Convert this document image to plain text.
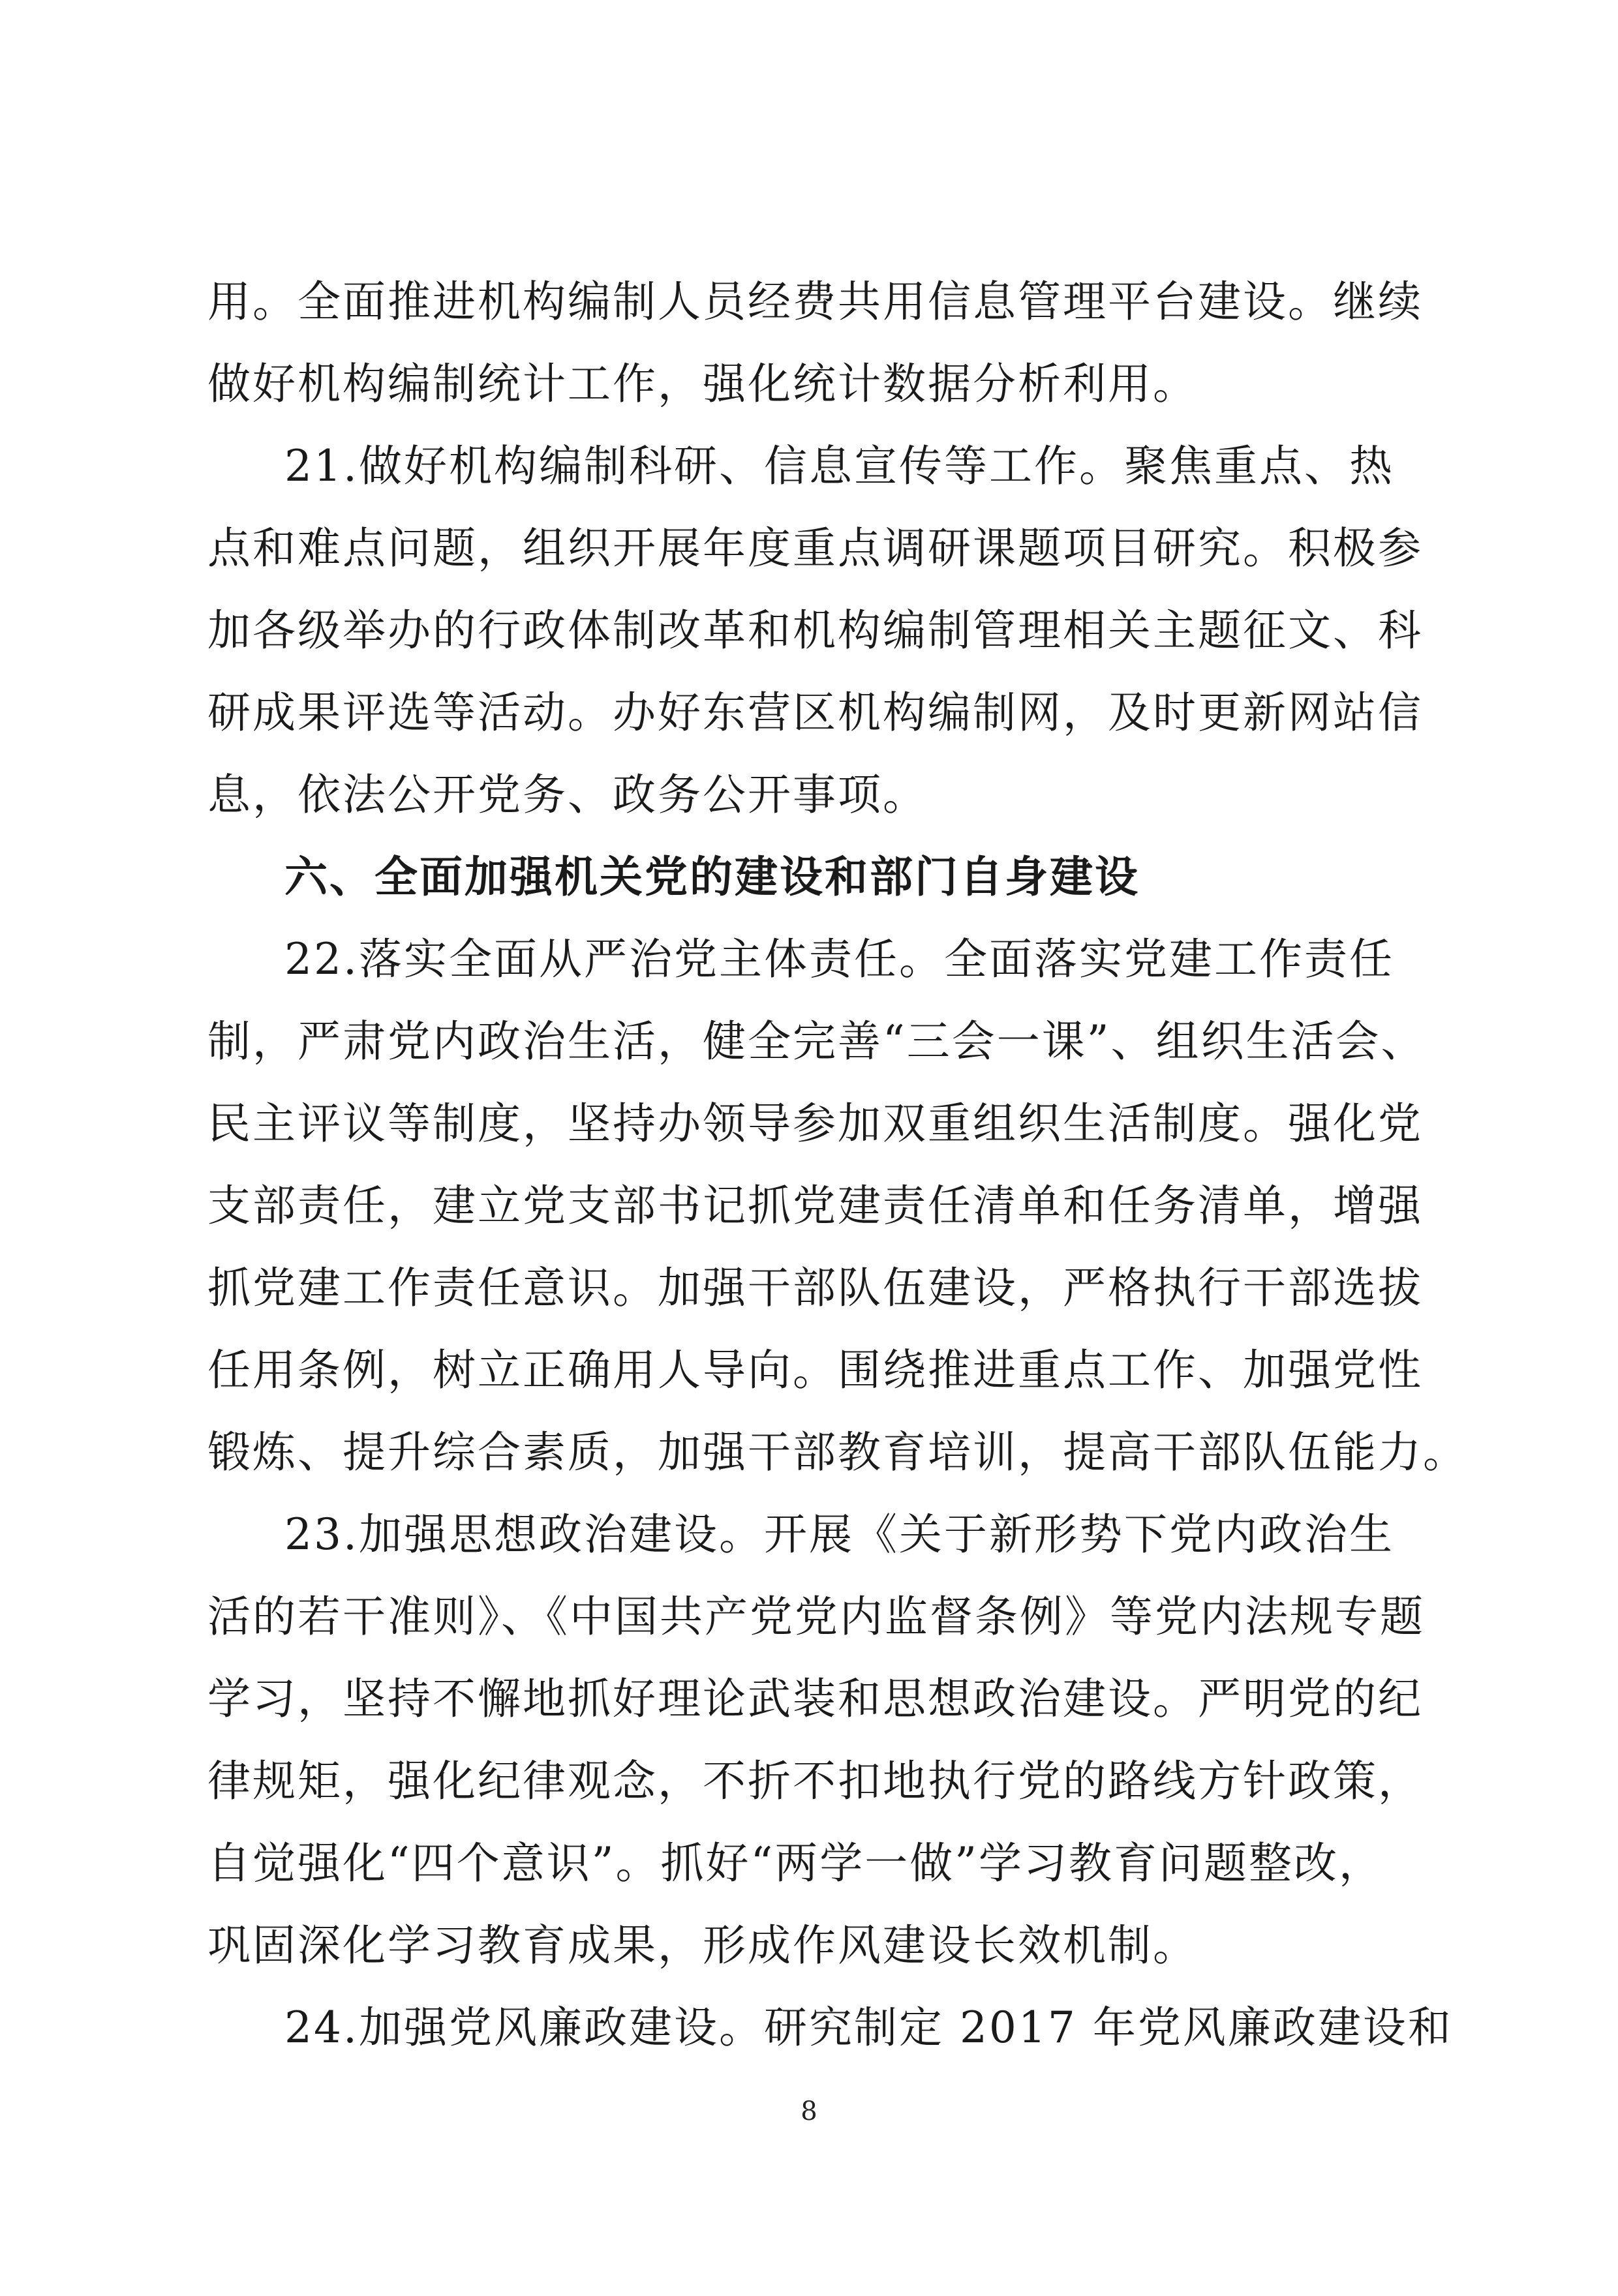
用。全面推进机构编制人员经费共用信息管理平台建设。继续
做好机构编制统计工作，强化统计数据分析利用。
21.做好机构编制科研、信息宣传等工作。聚焦重点、热
点和难点问题，组织开展年度重点调研课题项目研究。积极参
加各级举办的行政体制改革和机构编制管理相关主题征文、科
研成果评选等活动。办好东营区机构编制网，及时更新网站信
息，依法公开党务、政务公开事项。
六、全面加强机关党的建设和部门自身建设
22.落实全面从严治党主体责任。全面落实党建工作责任
制，严肃党内政治生活，健全完善“三会一课”、组织生活会、
民主评议等制度，坚持办领导参加双重组织生活制度。强化党
支部责任，建立党支部书记抓党建责任清单和任务清单，增强
抓党建工作责任意识。加强干部队伍建设，严格执行干部选拔
任用条例，树立正确用人导向。围绕推进重点工作、加强党性
锻炼、提升综合素质，加强干部教育培训，提高干部队伍能力。
23.加强思想政治建设。开展《关于新形势下党内政治生
活的若干准则》、《中国共产党党内监督条例》等党内法规专题
学习，坚持不懈地抓好理论武装和思想政治建设。严明党的纪
律规矩，强化纪律观念，不折不扣地执行党的路线方针政策，
自觉强化“四个意识”。抓好“两学一做”学习教育问题整改，
巩固深化学习教育成果，形成作风建设长效机制。
24.加强党风廉政建设。研究制定 2017 年党风廉政建设和
8
